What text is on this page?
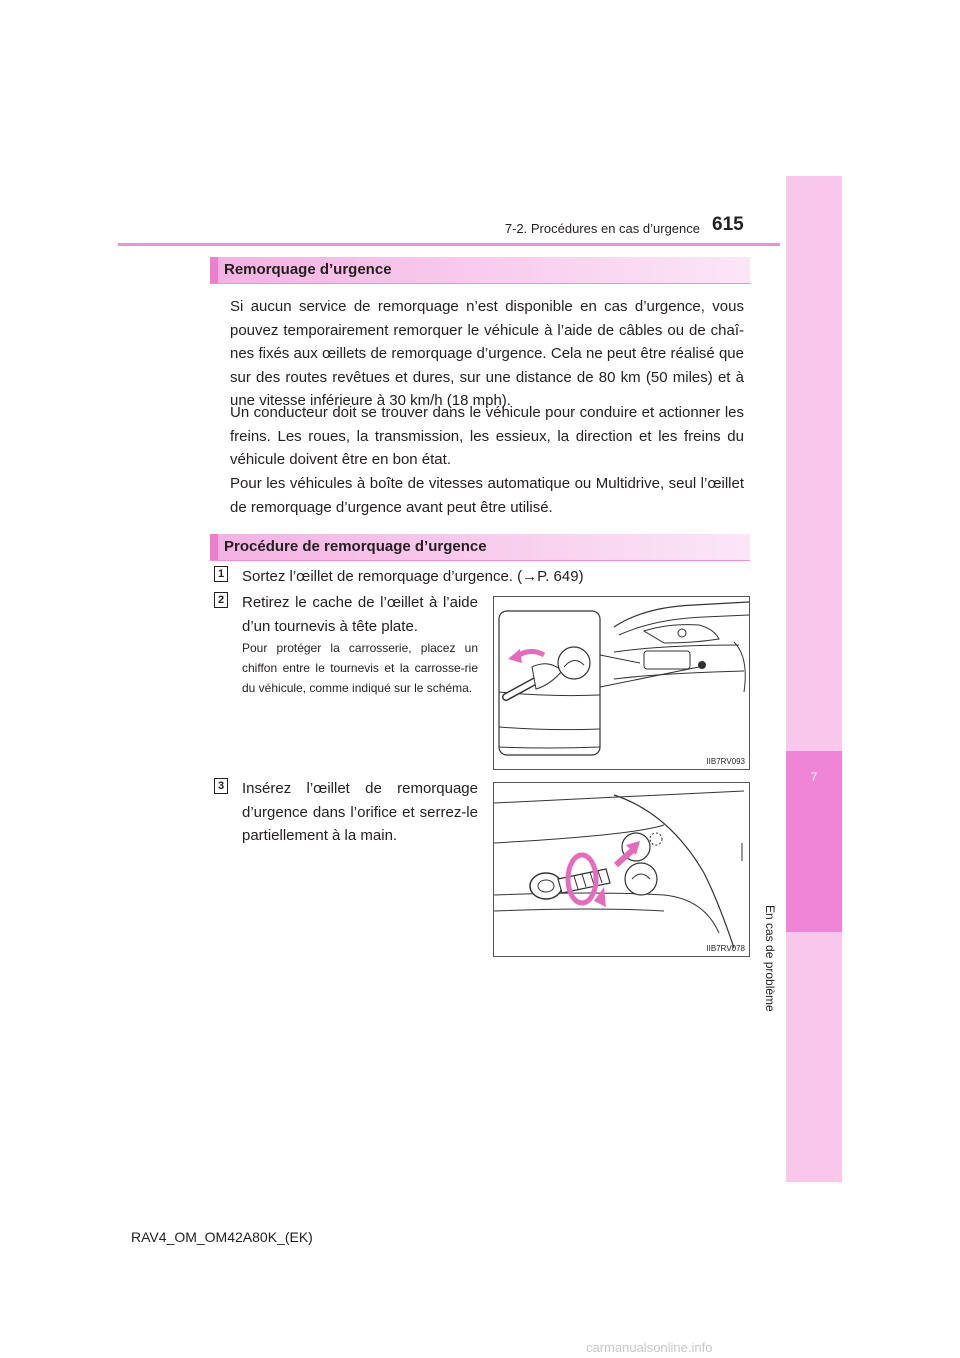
7
En cas de problème
7-2. Procédures en cas d’urgence 615
Remorquage d’urgence
Si aucun service de remorquage n’est disponible en cas d’urgence, vous pouvez temporairement remorquer le véhicule à l’aide de câbles ou de chaî-nes fixés aux œillets de remorquage d’urgence. Cela ne peut être réalisé que sur des routes revêtues et dures, sur une distance de 80 km (50 miles) et à une vitesse inférieure à 30 km/h (18 mph).
Un conducteur doit se trouver dans le véhicule pour conduire et actionner les freins. Les roues, la transmission, les essieux, la direction et les freins du véhicule doivent être en bon état.
Pour les véhicules à boîte de vitesses automatique ou Multidrive, seul l’œillet de remorquage d’urgence avant peut être utilisé.
Procédure de remorquage d’urgence
1 Sortez l’œillet de remorquage d’urgence. (→P. 649)
2 Retirez le cache de l’œillet à l’aide d’un tournevis à tête plate.
Pour protéger la carrosserie, placez un chiffon entre le tournevis et la carrosse-rie du véhicule, comme indiqué sur le schéma.
IIB7RV093
3 Insérez l’œillet de remorquage d’urgence dans l’orifice et serrez-le partiellement à la main.
IIB7RV078
RAV4_OM_OM42A80K_(EK)
carmanualsonline.info
